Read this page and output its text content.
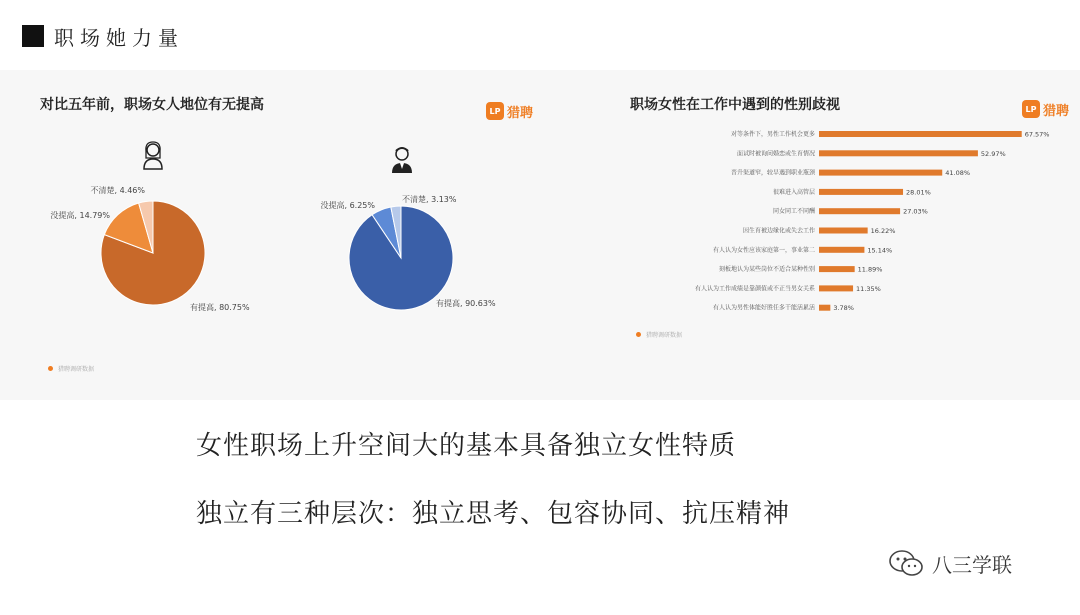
职场她力量
对比五年前，职场女人地位有无提高	LP 猎聘
有提高, 80.75%
没提高, 14.79%
不清楚, 4.46%
有提高, 90.63%
没提高, 6.25%
不清楚, 3.13%
猎聘调研数据
职场女性在工作中遇到的性别歧视	LP 猎聘
对等条件下，男性工作机会更多	67.57%
面试时被询问婚恋或生育情况	52.97%
晋升渠道窄，较早遇到职业瓶颈	41.08%
很难进入高管层	28.01%
同女同工不同酬	27.03%
因生育被边缘化或失去工作	16.22%
有人认为女性应该家庭第一，事业第二	15.14%
刻板地认为某些岗位不适合某种性别	11.89%
有人认为工作成绩是靠颜值或不正当男女关系	11.35%
有人认为男性体能好胜任多干能活累活	3.78%
猎聘调研数据
女性职场上升空间大的基本具备独立女性特质
独立有三种层次：独立思考、包容协同、抗压精神
八三学联
